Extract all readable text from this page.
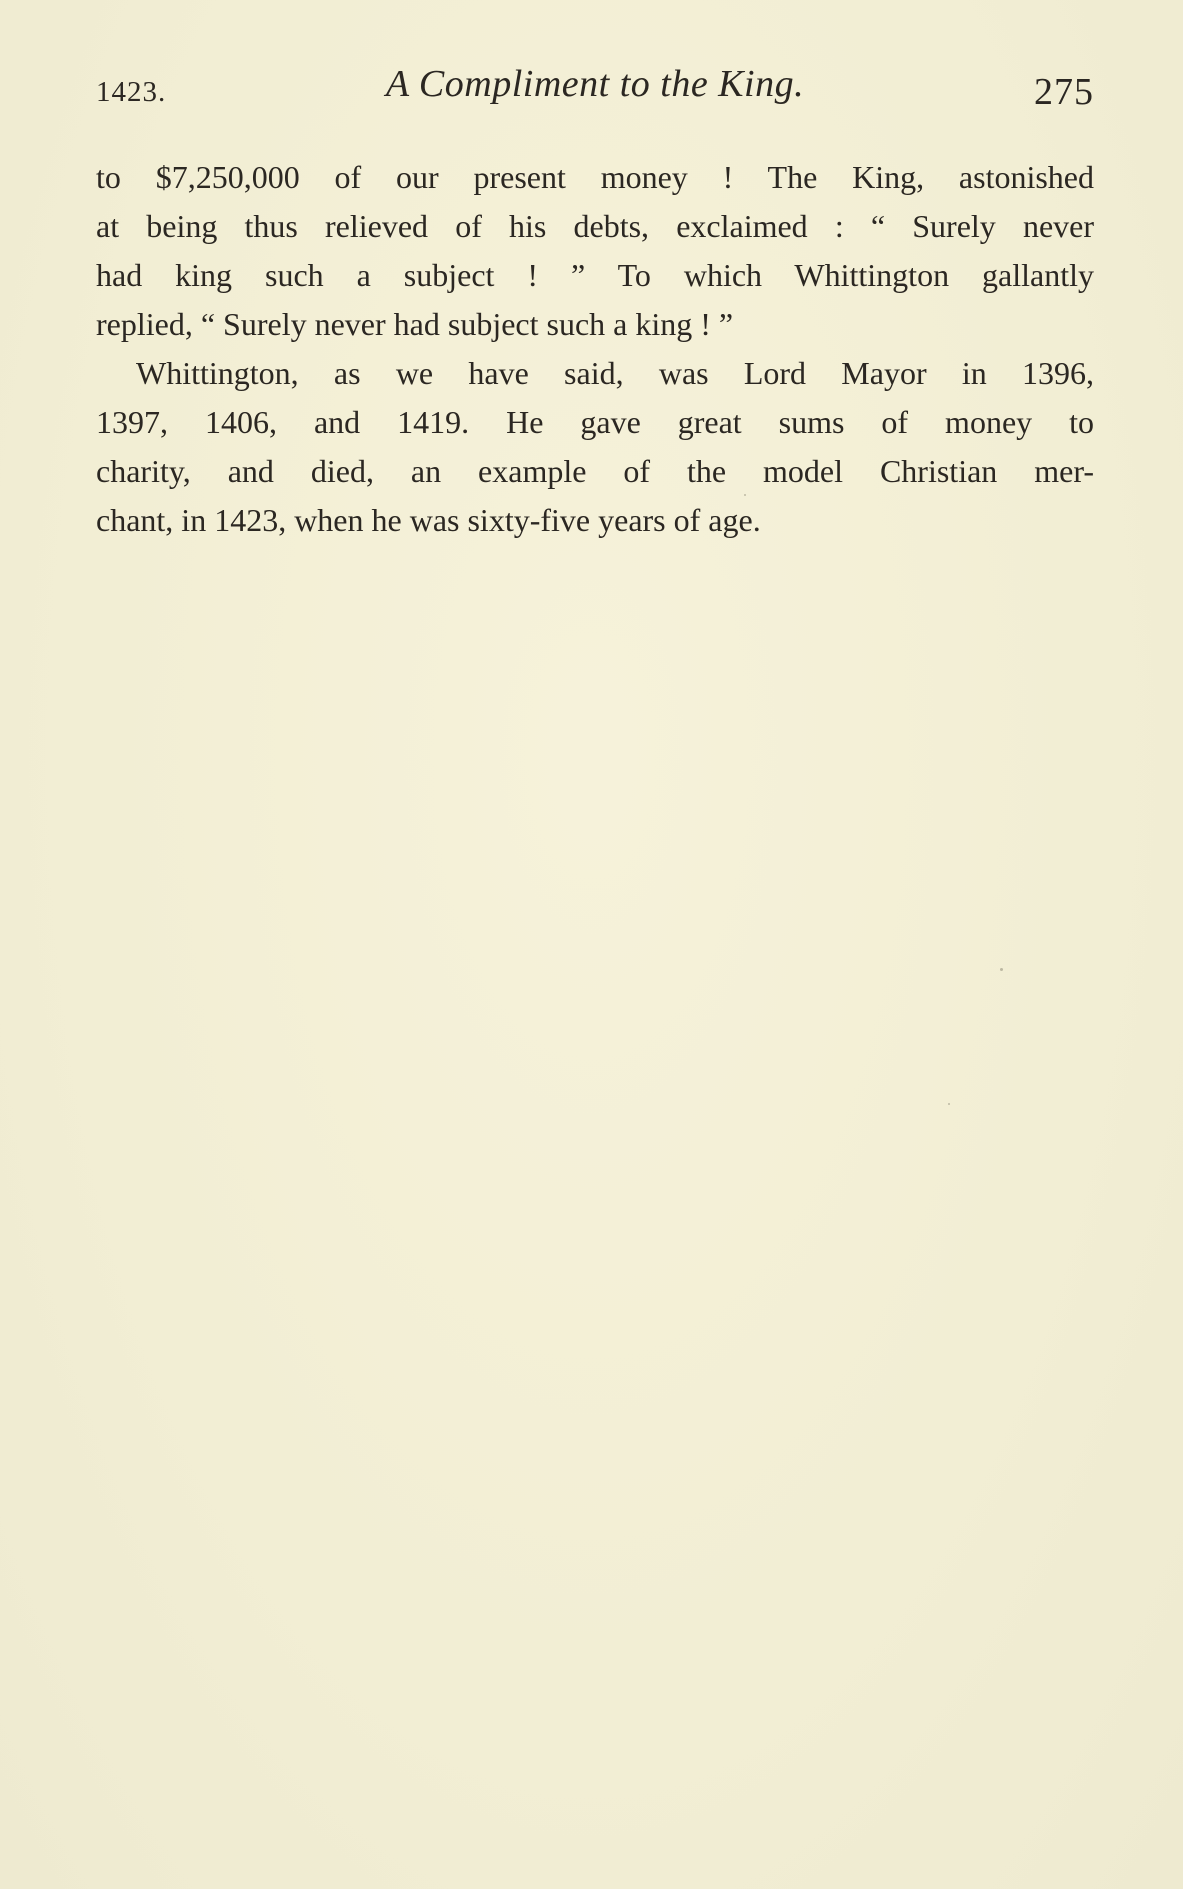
1423.	A Compliment to the King.	275
to $7,250,000 of our present money ! The King, astonished
at being thus relieved of his debts, exclaimed : “ Surely never
had king such a subject ! ” To which Whittington gallantly
replied, “ Surely never had subject such a king ! ”
Whittington, as we have said, was Lord Mayor in 1396,
1397, 1406, and 1419. He gave great sums of money to
charity, and died, an example of the model Christian mer-
chant, in 1423, when he was sixty-five years of age.
